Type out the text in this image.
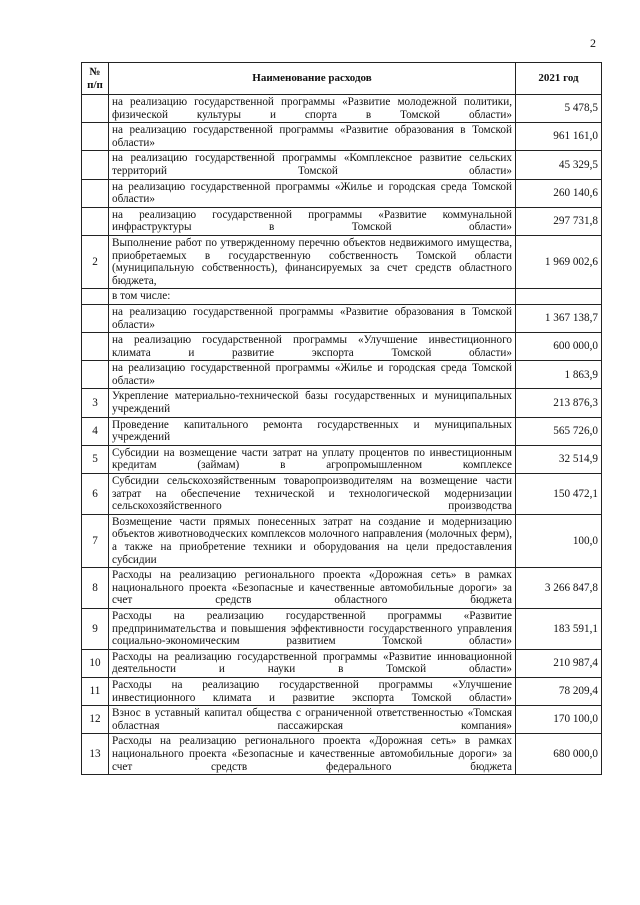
2
№ п/п	Наименование расходов	2021 год
	на реализацию государственной программы «Развитие молодежной политики, физической культуры и спорта в Томской области»	5 478,5
	на реализацию государственной программы «Развитие образования в Томской области»	961 161,0
	на реализацию государственной программы «Комплексное развитие сельских территорий Томской области»	45 329,5
	на реализацию государственной программы «Жилье и городская среда Томской области»	260 140,6
	на реализацию государственной программы «Развитие коммунальной инфраструктуры в Томской области»	297 731,8
2	Выполнение работ по утвержденному перечню объектов недвижимого имущества, приобретаемых в государственную собственность Томской области (муниципальную собственность), финансируемых за счет средств областного бюджета,	1 969 002,6
	в том числе:	
	на реализацию государственной программы «Развитие образования в Томской области»	1 367 138,7
	на реализацию государственной программы «Улучшение инвестиционного климата и развитие экспорта Томской области»	600 000,0
	на реализацию государственной программы «Жилье и городская среда Томской области»	1 863,9
3	Укрепление материально-технической базы государственных и муниципальных учреждений	213 876,3
4	Проведение капитального ремонта государственных и муниципальных учреждений	565 726,0
5	Субсидии на возмещение части затрат на уплату процентов по инвестиционным кредитам (займам) в агропромышленном комплексе	32 514,9
6	Субсидии сельскохозяйственным товаропроизводителям на возмещение части затрат на обеспечение технической и технологической модернизации сельскохозяйственного производства	150 472,1
7	Возмещение части прямых понесенных затрат на создание и модернизацию объектов животноводческих комплексов молочного направления (молочных ферм), а также на приобретение техники и оборудования на цели предоставления субсидии	100,0
8	Расходы на реализацию регионального проекта «Дорожная сеть» в рамках национального проекта «Безопасные и качественные автомобильные дороги» за счет средств областного бюджета	3 266 847,8
9	Расходы на реализацию государственной программы «Развитие предпринимательства и повышения эффективности государственного управления социально-экономическим развитием Томской области»	183 591,1
10	Расходы на реализацию государственной программы «Развитие инновационной деятельности и науки в Томской области»	210 987,4
11	Расходы на реализацию государственной программы «Улучшение инвестиционного климата и развитие экспорта Томской области»	78 209,4
12	Взнос в уставный капитал общества с ограниченной ответственностью «Томская областная пассажирская компания»	170 100,0
13	Расходы на реализацию регионального проекта «Дорожная сеть» в рамках национального проекта «Безопасные и качественные автомобильные дороги» за счет средств федерального бюджета	680 000,0
